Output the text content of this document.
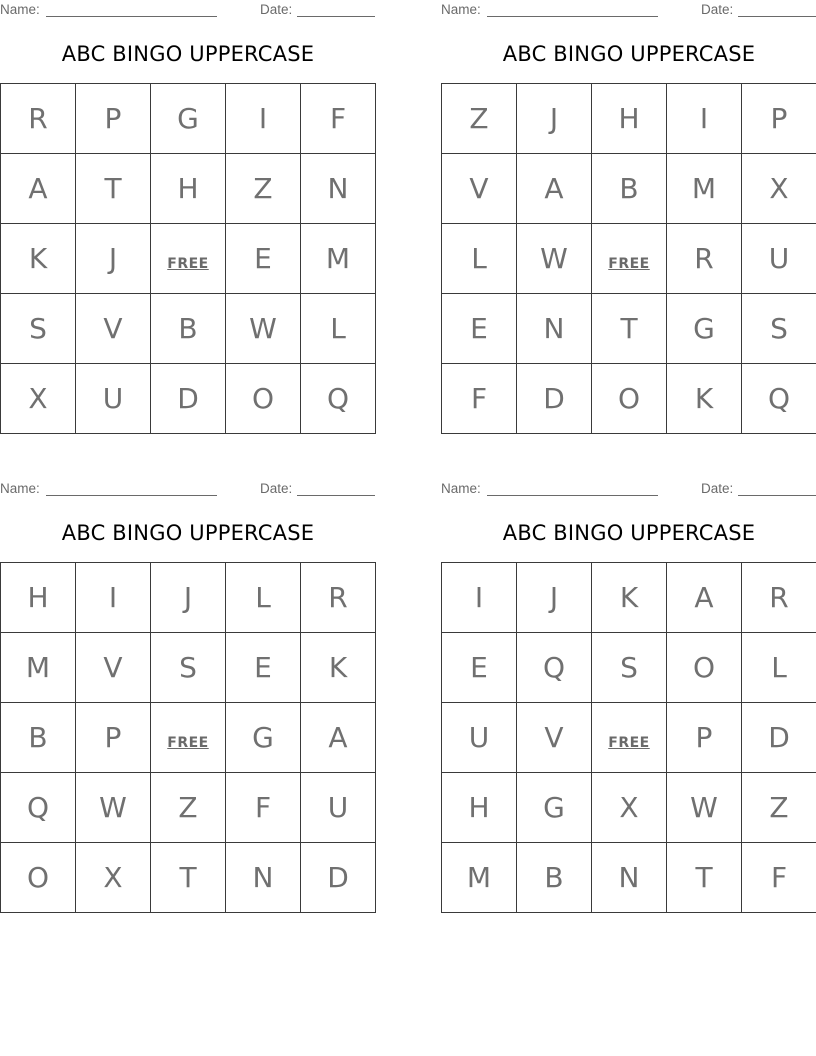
Name:	Date:
ABC BINGO UPPERCASE
R	P	G	I	F
A	T	H	Z	N
K	J	FREE	E	M
S	V	B	W	L
X	U	D	O	Q
Name:	Date:
ABC BINGO UPPERCASE
Z	J	H	I	P
V	A	B	M	X
L	W	FREE	R	U
E	N	T	G	S
F	D	O	K	Q
Name:	Date:
ABC BINGO UPPERCASE
H	I	J	L	R
M	V	S	E	K
B	P	FREE	G	A
Q	W	Z	F	U
O	X	T	N	D
Name:	Date:
ABC BINGO UPPERCASE
I	J	K	A	R
E	Q	S	O	L
U	V	FREE	P	D
H	G	X	W	Z
M	B	N	T	F
